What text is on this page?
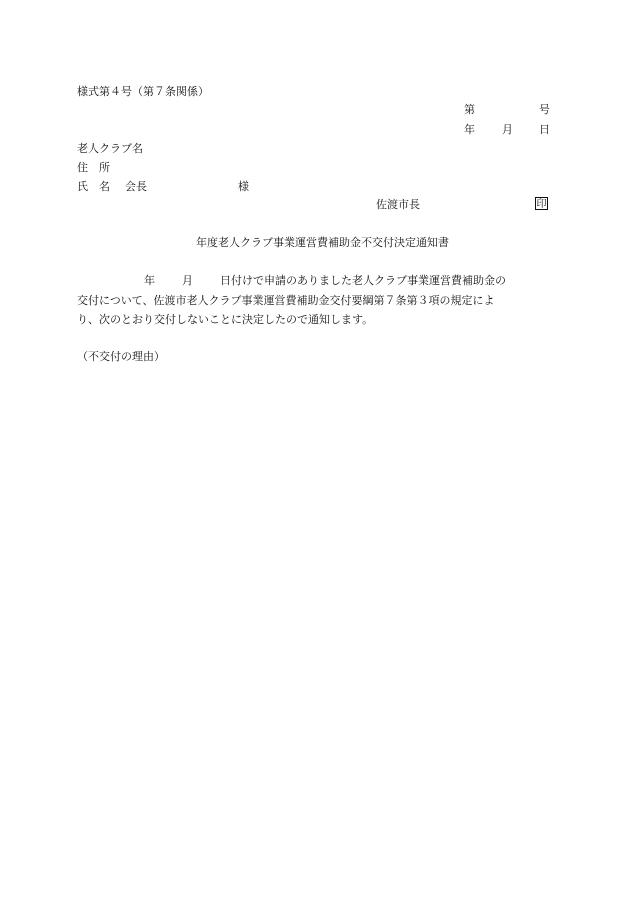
様式第４号（第７条関係）
第	号
年 月 日
老人クラブ名
住　所
氏　名 会長	様
佐渡市長	印
年度老人クラブ事業運営費補助金不交付決定通知書
年 月 日付けで申請のありました老人クラブ事業運営費補助金の
交付について、佐渡市老人クラブ事業運営費補助金交付要綱第７条第３項の規定によ
り、次のとおり交付しないことに決定したので通知します。
（不交付の理由）
